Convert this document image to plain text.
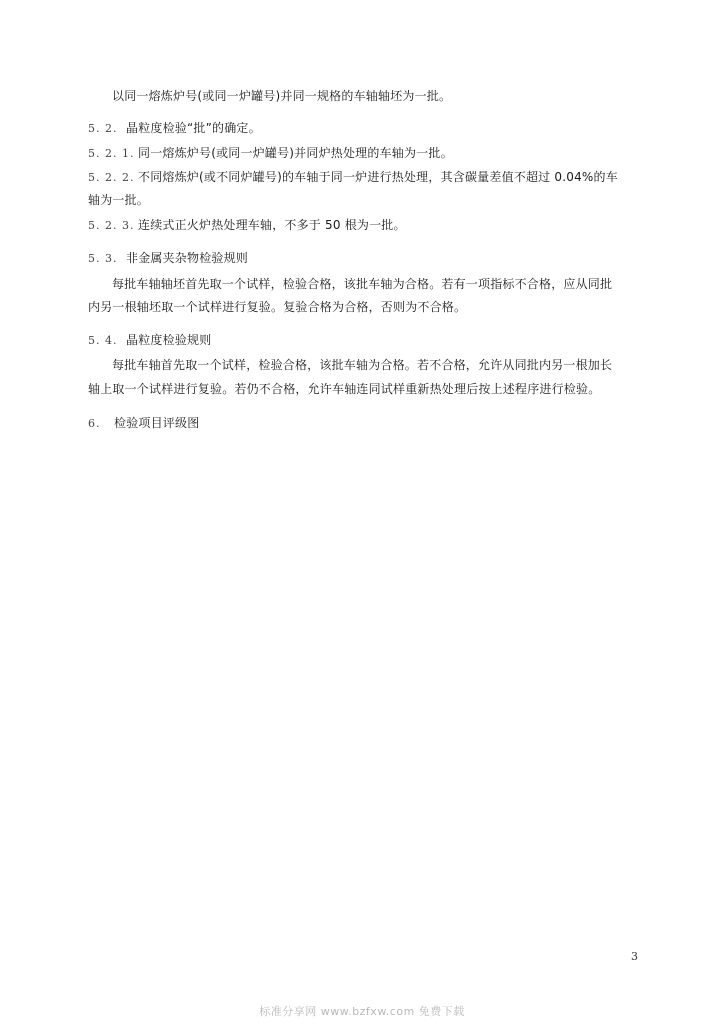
以同一熔炼炉号(或同一炉罐号)并同一规格的车轴轴坯为一批。
5. 2. 晶粒度检验“批”的确定。
5. 2. 1. 同一熔炼炉号(或同一炉罐号)并同炉热处理的车轴为一批。
5. 2. 2. 不同熔炼炉(或不同炉罐号)的车轴于同一炉进行热处理，其含碳量差值不超过 0.04%的车
轴为一批。
5. 2. 3. 连续式正火炉热处理车轴，不多于 50 根为一批。
5. 3. 非金属夹杂物检验规则
每批车轴轴坯首先取一个试样，检验合格，该批车轴为合格。若有一项指标不合格，应从同批
内另一根轴坯取一个试样进行复验。复验合格为合格，否则为不合格。
5. 4. 晶粒度检验规则
每批车轴首先取一个试样，检验合格，该批车轴为合格。若不合格，允许从同批内另一根加长
轴上取一个试样进行复验。若仍不合格，允许车轴连同试样重新热处理后按上述程序进行检验。
6. 检验项目评级图
3
标准分享网 www.bzfxw.com 免费下载
